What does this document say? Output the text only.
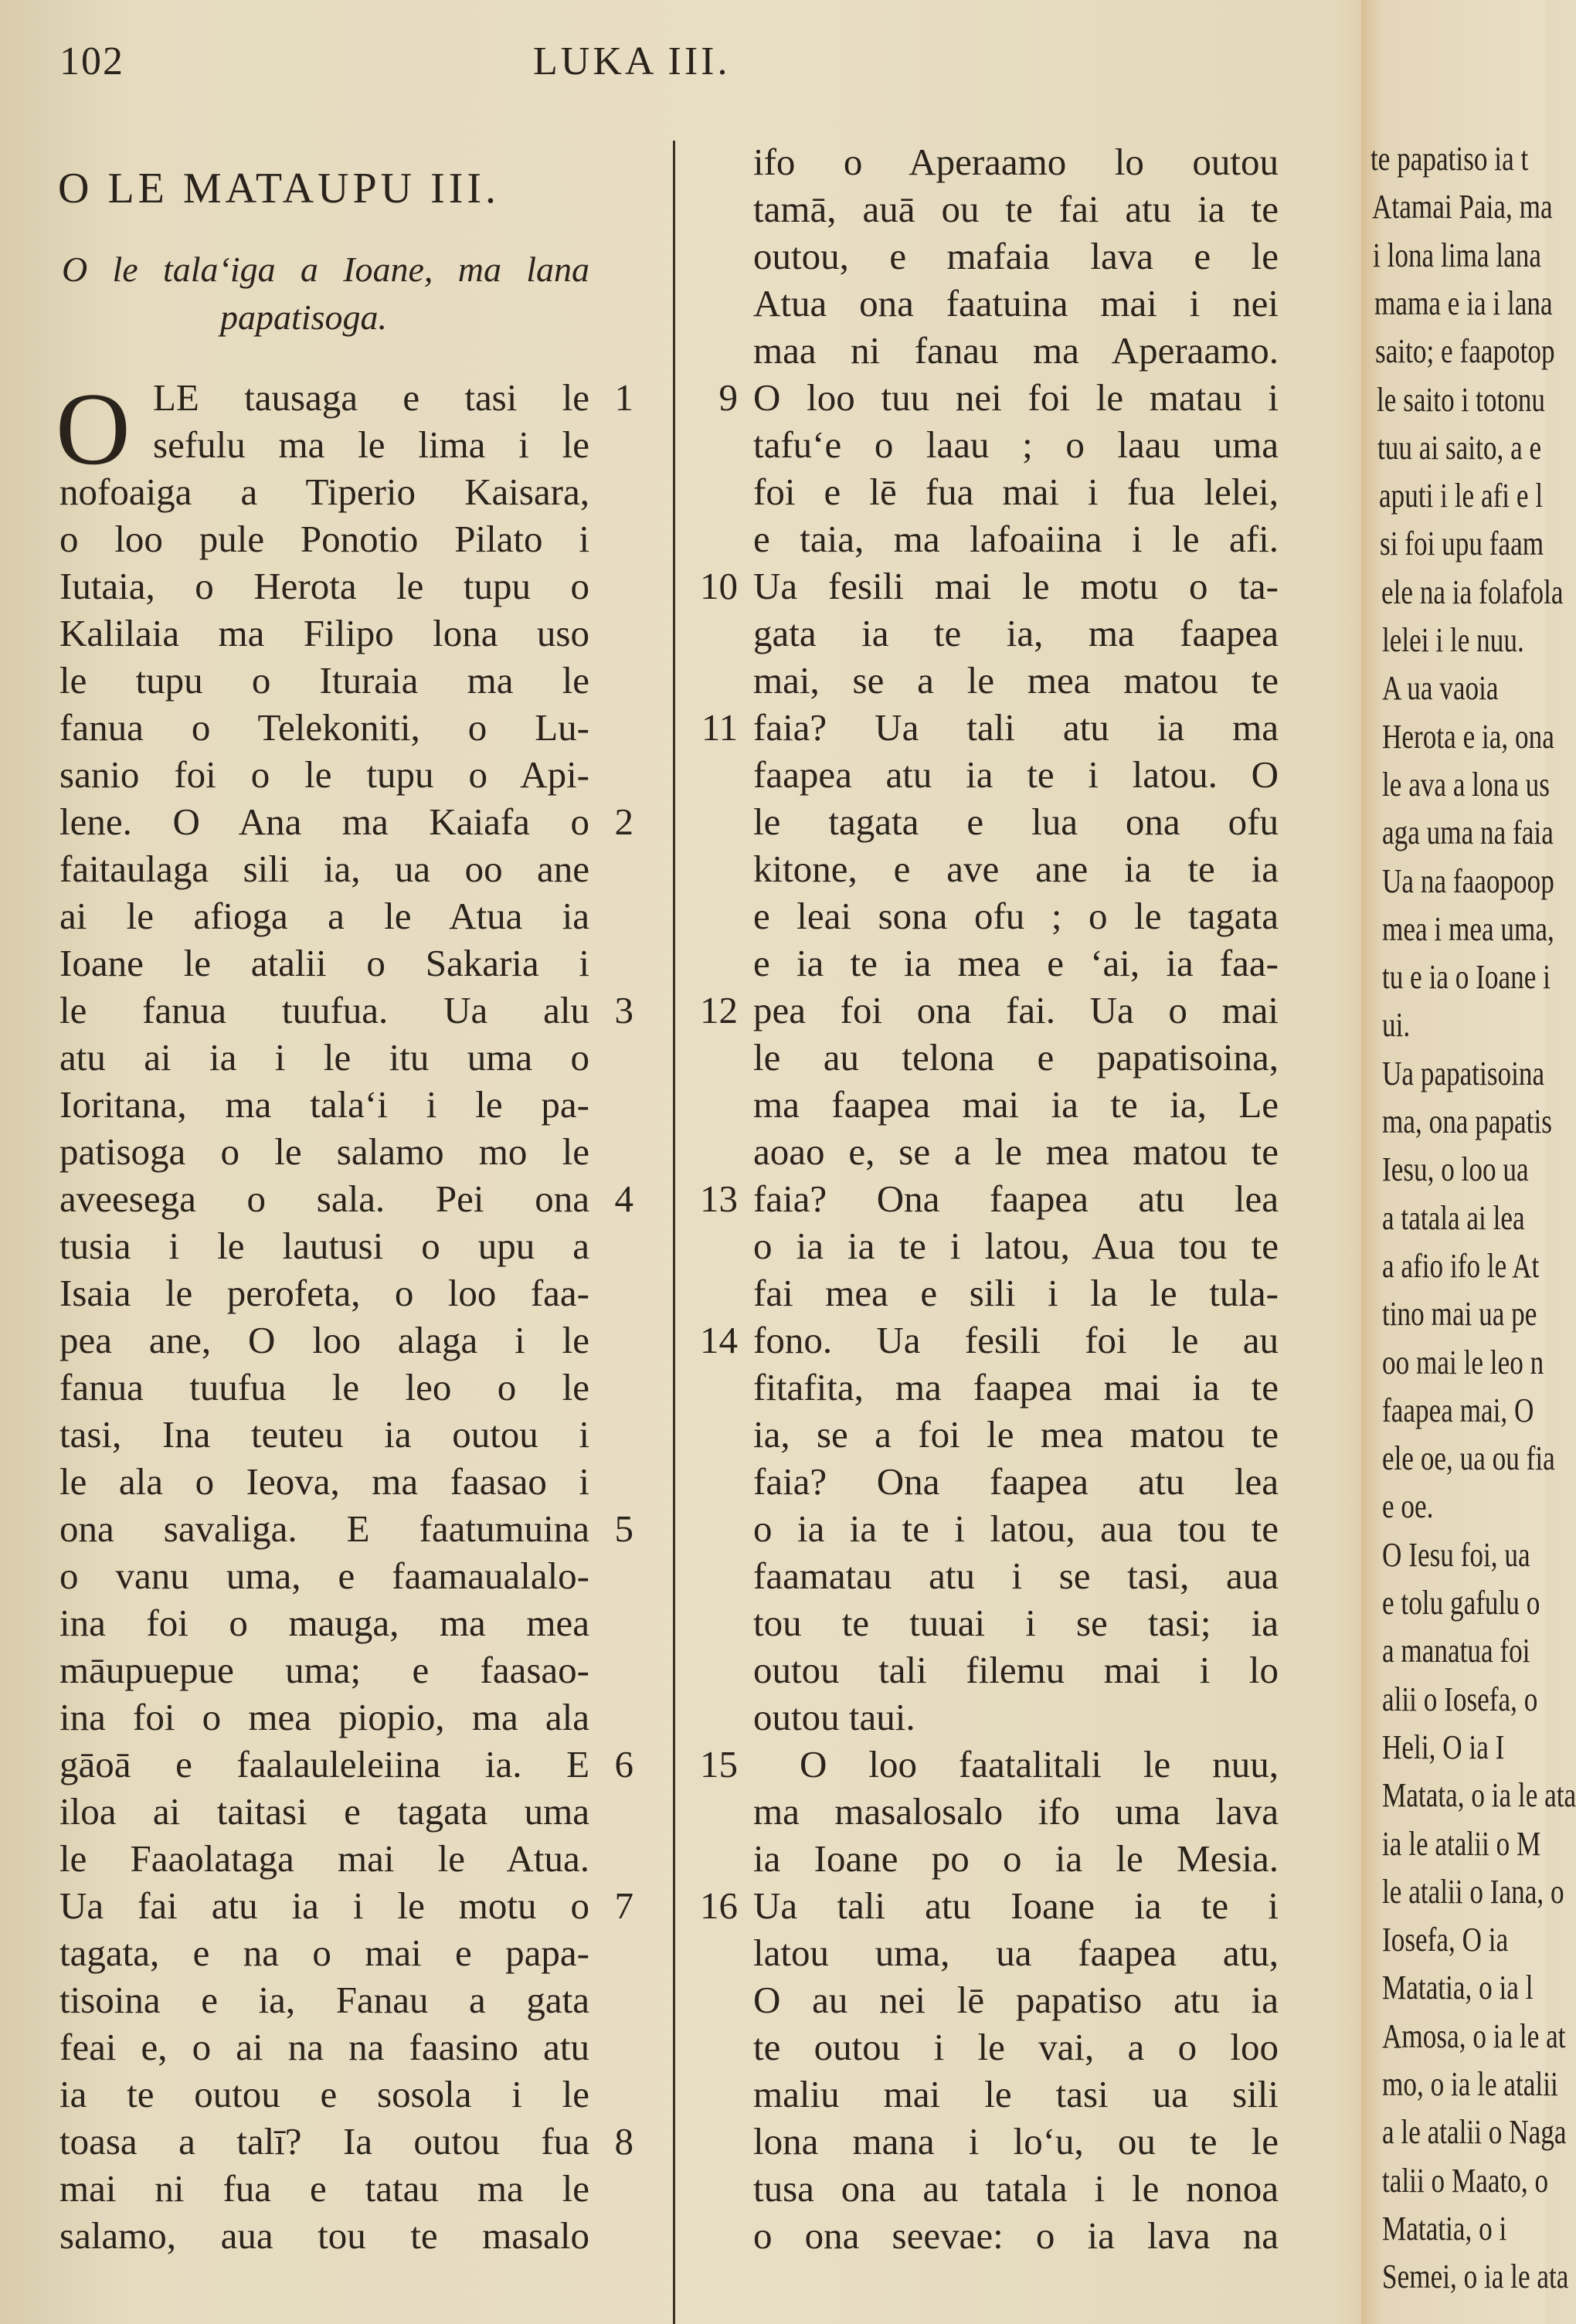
102	LUKA III.
O LE MATAUPU III.
O le tala‘iga a Ioane, ma lana
papatisoga.
O LE tausaga e tasi le 1
sefulu ma le lima i le
nofoaiga a Tiperio Kaisara,
o loo pule Ponotio Pilato i
Iutaia, o Herota le tupu o
Kalilaia ma Filipo lona uso
le tupu o Ituraia ma le
fanua o Telekoniti, o Lu-
sanio foi o le tupu o Api-
lene. O Ana ma Kaiafa o 2
faitaulaga sili ia, ua oo ane
ai le afioga a le Atua ia
Ioane le atalii o Sakaria i
le fanua tuufua. Ua alu 3
atu ai ia i le itu uma o
Ioritana, ma tala‘i i le pa-
patisoga o le salamo mo le
aveesega o sala. Pei ona 4
tusia i le lautusi o upu a
Isaia le perofeta, o loo faa-
pea ane, O loo alaga i le
fanua tuufua le leo o le
tasi, Ina teuteu ia outou i
le ala o Ieova, ma faasao i
ona savaliga. E faatumuina 5
o vanu uma, e faamaualalo-
ina foi o mauga, ma mea
māupuepue uma; e faasao-
ina foi o mea piopio, ma ala
gāoā e faalauleleiina ia. E 6
iloa ai taitasi e tagata uma
le Faaolataga mai le Atua.
Ua fai atu ia i le motu o 7
tagata, e na o mai e papa-
tisoina e ia, Fanau a gata
feai e, o ai na na faasino atu
ia te outou e sosola i le
toasa a talī? Ia outou fua 8
mai ni fua e tatau ma le
salamo, aua tou te masalo
ifo o Aperaamo lo outou
tamā, auā ou te fai atu ia te
outou, e mafaia lava e le
Atua ona faatuina mai i nei
maa ni fanau ma Aperaamo.
O loo tuu nei foi le matau i
9
tafu‘e o laau ; o laau uma
foi e lē fua mai i fua lelei,
e taia, ma lafoaiina i le afi.
Ua fesili mai le motu o ta-
10
gata ia te ia, ma faapea
mai, se a le mea matou te
faia? Ua tali atu ia ma
11
faapea atu ia te i latou. O
le tagata e lua ona ofu
kitone, e ave ane ia te ia
e leai sona ofu ; o le tagata
e ia te ia mea e ‘ai, ia faa-
pea foi ona fai. Ua o mai
12
le au telona e papatisoina,
ma faapea mai ia te ia, Le
aoao e, se a le mea matou te
faia? Ona faapea atu lea
13
o ia ia te i latou, Aua tou te
fai mea e sili i la le tula-
fono. Ua fesili foi le au
14
fitafita, ma faapea mai ia te
ia, se a foi le mea matou te
faia? Ona faapea atu lea
o ia ia te i latou, aua tou te
faamatau atu i se tasi, aua
tou te tuuai i se tasi; ia
outou tali filemu mai i lo
outou taui.
O loo faatalitali le nuu,
15
ma masalosalo ifo uma lava
ia Ioane po o ia le Mesia.
Ua tali atu Ioane ia te i
16
latou uma, ua faapea atu,
O au nei lē papatiso atu ia
te outou i le vai, a o loo
maliu mai le tasi ua sili
lona mana i lo‘u, ou te le
tusa ona au tatala i le nonoa
o ona seevae: o ia lava na
te papatiso ia t
Atamai Paia, ma
i lona lima lana
mama e ia i lana
saito; e faapotop
le saito i totonu
tuu ai saito, a e
aputi i le afi e l
si foi upu faam
ele na ia folafola
lelei i le nuu.
A ua vaoia
Herota e ia, ona
le ava a lona us
aga uma na faia
Ua na faaopoop
mea i mea uma,
tu e ia o Ioane i
ui.
Ua papatisoina
ma, ona papatis
Iesu, o loo ua
a tatala ai lea
a afio ifo le At
tino mai ua pe
oo mai le leo n
faapea mai, O
ele oe, ua ou fia
e oe.
O Iesu foi, ua
e tolu gafulu o
a manatua foi
alii o Iosefa, o
Heli, O ia I
Matata, o ia le ata
ia le atalii o M
le atalii o Iana, o
Iosefa, O ia
Matatia, o ia l
Amosa, o ia le at
mo, o ia le atalii
a le atalii o Naga
talii o Maato, o
Matatia, o i
Semei, o ia le ata
